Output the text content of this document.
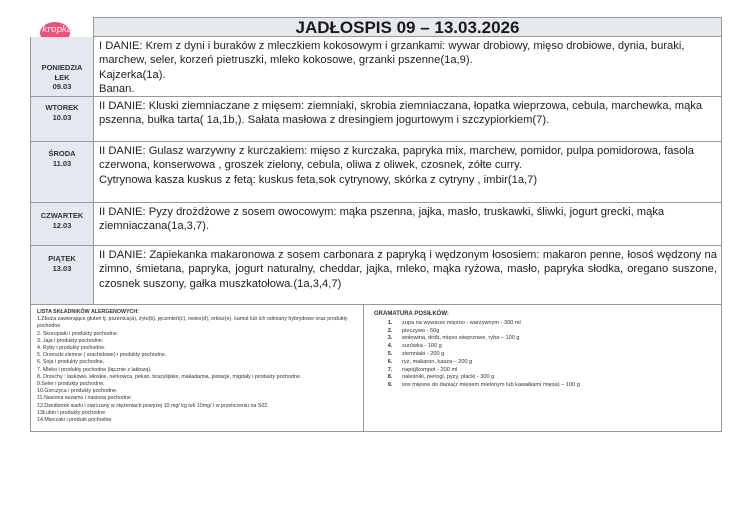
kropka	JADŁOSPIS 09 – 13.03.2026
PONIEDZIA
ŁEK
09.03

I DANIE: Krem z dyni i buraków z mleczkiem kokosowym i grzankami: wywar drobiowy, mięso drobiowe, dynia, buraki, marchew, seler, korzeń pietruszki, mleko kokosowe, grzanki pszenne(1a,9).

Kajzerka(1a).

Banan.

WTOREK
10.03

II DANIE: Kluski ziemniaczane z mięsem: ziemniaki, skrobia ziemniaczana, łopatka wieprzowa, cebula, marchewka, mąka pszenna, bułka tarta( 1a,1b,). Sałata masłowa z dresingiem jogurtowym i szczypiorkiem(7).

ŚRODA
11.03

II DANIE: Gulasz warzywny z kurczakiem: mięso z kurczaka, papryka mix, marchew, pomidor, pulpa pomidorowa, fasola czerwona, konserwowa , groszek zielony, cebula, oliwa z oliwek, czosnek, zółte curry.

Cytrynowa kasza kuskus z fetą: kuskus feta,sok cytrynowy, skórka z cytryny , imbir(1a,7)

CZWARTEK
12.03

II DANIE: Pyzy drożdżowe z sosem owocowym: mąka pszenna, jajka, masło, truskawki, śliwki, jogurt grecki, mąka ziemniaczana(1a,3,7).

PIĄTEK
13.03

II DANIE: Zapiekanka makaronowa z sosem carbonara z papryką i wędzonym łososiem: makaron penne, łosoś wędzony na zimno, śmietana, papryka, jogurt naturalny, cheddar, jajka, mleko, mąka ryżowa, masło, papryka słodka, oregano suszone, czosnek suszony, gałka muszkatołowa.(1a,3,4,7)

LISTA SKŁADNIKÓW ALERGENOWYCH:
1.Zboża zawierające gluten tj. pszenica(a), żyto(b), jęczmień(c), owies(d), orkisz(e), kamut lub ich odmiany hybrydowe oraz produkty pochodne
2. Skorupiaki i produkty pochodne.
3. Jaja i produkty pochodne.
4. Ryby i produkty pochodne.
5. Orzeszki ziemne ( arachidowe) i produkty pochodne.
6. Soja i produkty pochodne.
7. Mleko i produkty pochodne (łącznie z laktozą).
8. Orzechy : laskowe, włoskie, nerkowca, pekan, brazylijskie, makadamia, pistacje, migdały i produkty pochodne.
9.Seler i produkty pochodne.
10.Gorczyca i produkty pochodne.
11.Nasiona sezamu i nasiona pochodne
12.Dwutlenek siarki i siarczany w stężeniach powyżej 10 mg/ kg lub 10mg/ l w przeliczeniu na S02.
13Łubin i produkty pochodne
14.Mięczaki i produkt pochodne
GRAMATURA POSIŁKÓW:
1. zupa na wywarze mięsno - warzywnym - 300 ml
2. pieczywo - 50g
3. wołowina, drób, mięso wieprzowe, ryba – 100 g
4. surówka - 100 g
5. ziemniaki - 200 g
6. ryż, makaron, kasza – 200 g
7. napój/kompot - 200 ml
8. naleśniki, pierogi, pyzy, placki - 300 g
9. sos mięsne do dania(z mięsem mielonym lub kawałkami mięsa) – 100 g
